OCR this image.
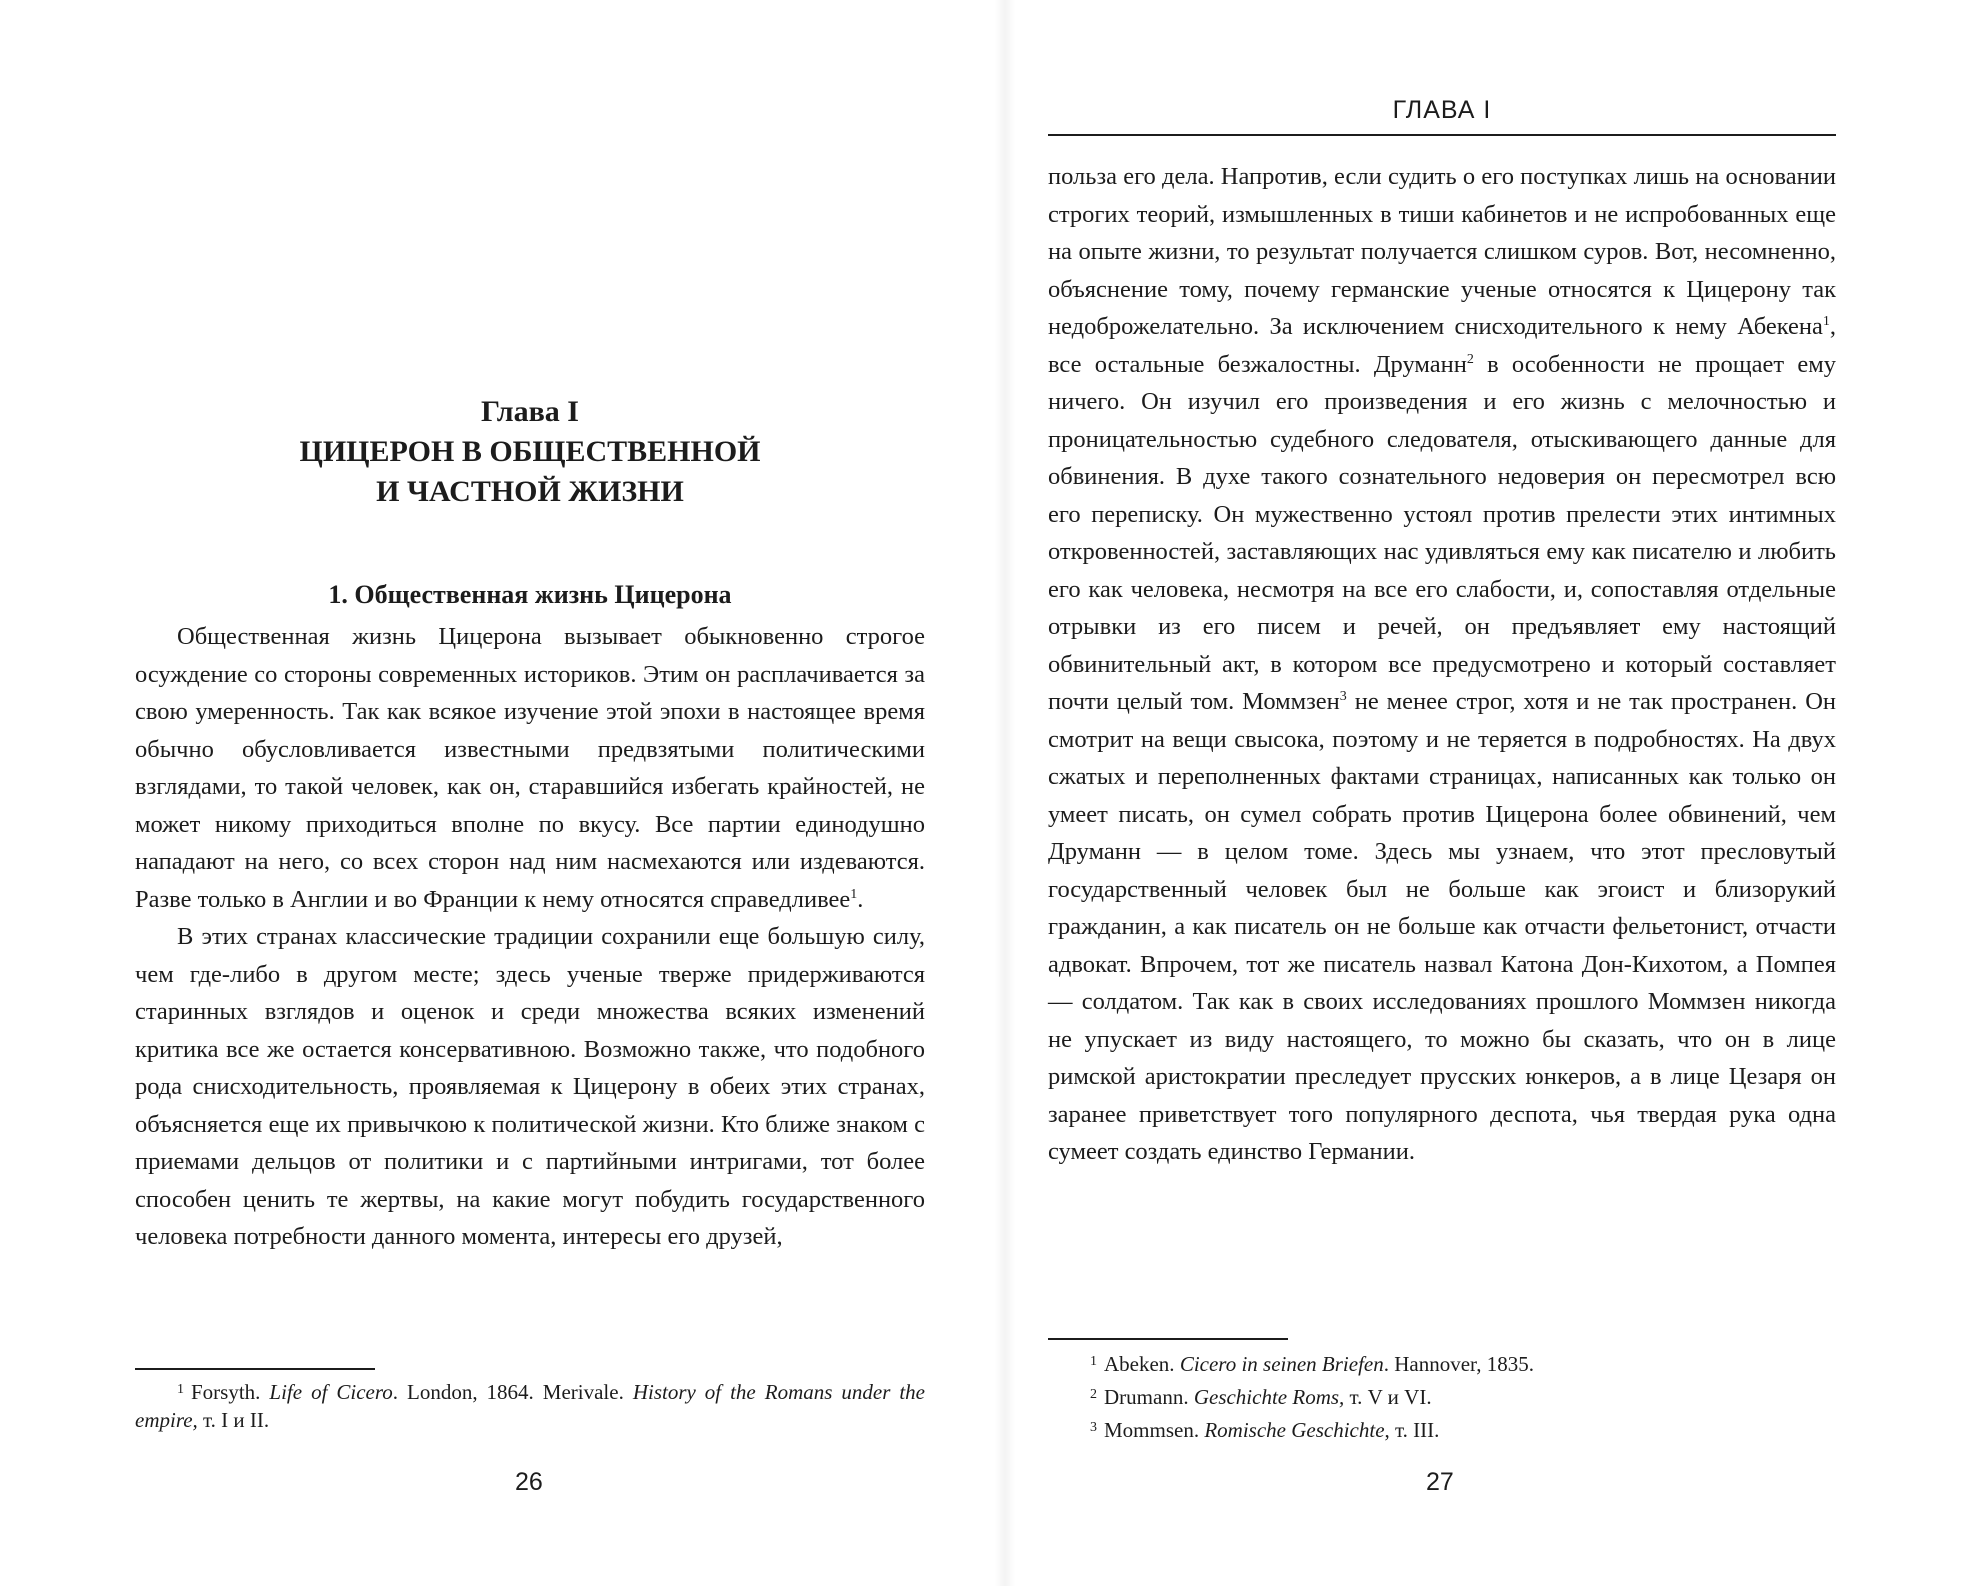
ГЛАВА I
Глава I
ЦИЦЕРОН В ОБЩЕСТВЕННОЙ
И ЧАСТНОЙ ЖИЗНИ
1. Общественная жизнь Цицерона

Общественная жизнь Цицерона вызывает обыкновенно строгое осуждение со стороны современных историков. Этим он расплачивается за свою умеренность. Так как всякое изучение этой эпохи в настоящее время обычно обусловливается известными предвзятыми политическими взглядами, то такой человек, как он, старавшийся избегать крайностей, не может никому приходиться вполне по вкусу. Все партии единодушно нападают на него, со всех сторон над ним насмехаются или издеваются. Разве только в Англии и во Франции к нему относятся справедливее$^1$.

В этих странах классические традиции сохранили еще большую силу, чем где-либо в другом месте; здесь ученые тверже придерживаются старинных взглядов и оценок и среди множества всяких изменений критика все же остается консервативною. Возможно также, что подобного рода снисходительность, проявляемая к Цицерону в обеих этих странах, объясняется еще их привычкою к политической жизни. Кто ближе знаком с приемами дельцов от политики и с партийными интригами, тот более способен ценить те жертвы, на какие могут побудить государственного человека потребности данного момента, интересы его друзей,

$^1$ Forsyth. Life of Cicero. London, 1864. Merivale. History of the Romans under the empire, т. I и II.

26

польза его дела. Напротив, если судить о его поступках лишь на основании строгих теорий, измышленных в тиши кабинетов и не испробованных еще на опыте жизни, то результат получается слишком суров. Вот, несомненно, объяснение тому, почему германские ученые относятся к Цицерону так недоброжелательно. За исключением снисходительного к нему Абекена$^1$, все остальные безжалостны. Друманн$^2$ в особенности не прощает ему ничего. Он изучил его произведения и его жизнь с мелочностью и проницательностью судебного следователя, отыскивающего данные для обвинения. В духе такого сознательного недоверия он пересмотрел всю его переписку. Он мужественно устоял против прелести этих интимных откровенностей, заставляющих нас удивляться ему как писателю и любить его как человека, несмотря на все его слабости, и, сопоставляя отдельные отрывки из его писем и речей, он предъявляет ему настоящий обвинительный акт, в котором все предусмотрено и который составляет почти целый том. Моммзен$^3$ не менее строг, хотя и не так пространен. Он смотрит на вещи свысока, поэтому и не теряется в подробностях. На двух сжатых и переполненных фактами страницах, написанных как только он умеет писать, он сумел собрать против Цицерона более обвинений, чем Друманн — в целом томе. Здесь мы узнаем, что этот пресловутый государственный человек был не больше как эгоист и близорукий гражданин, а как писатель он не больше как отчасти фельетонист, отчасти адвокат. Впрочем, тот же писатель назвал Катона Дон-Кихотом, а Помпея — солдатом. Так как в своих исследованиях прошлого Моммзен никогда не упускает из виду настоящего, то можно бы сказать, что он в лице римской аристократии преследует прусских юнкеров, а в лице Цезаря он заранее приветствует того популярного деспота, чья твердая рука одна сумеет создать единство Германии.

$^1$ Abeken. Cicero in seinen Briefen. Hannover, 1835.

$^2$ Drumann. Geschichte Roms, т. V и VI.

$^3$ Mommsen. Romische Geschichte, т. III.

27
